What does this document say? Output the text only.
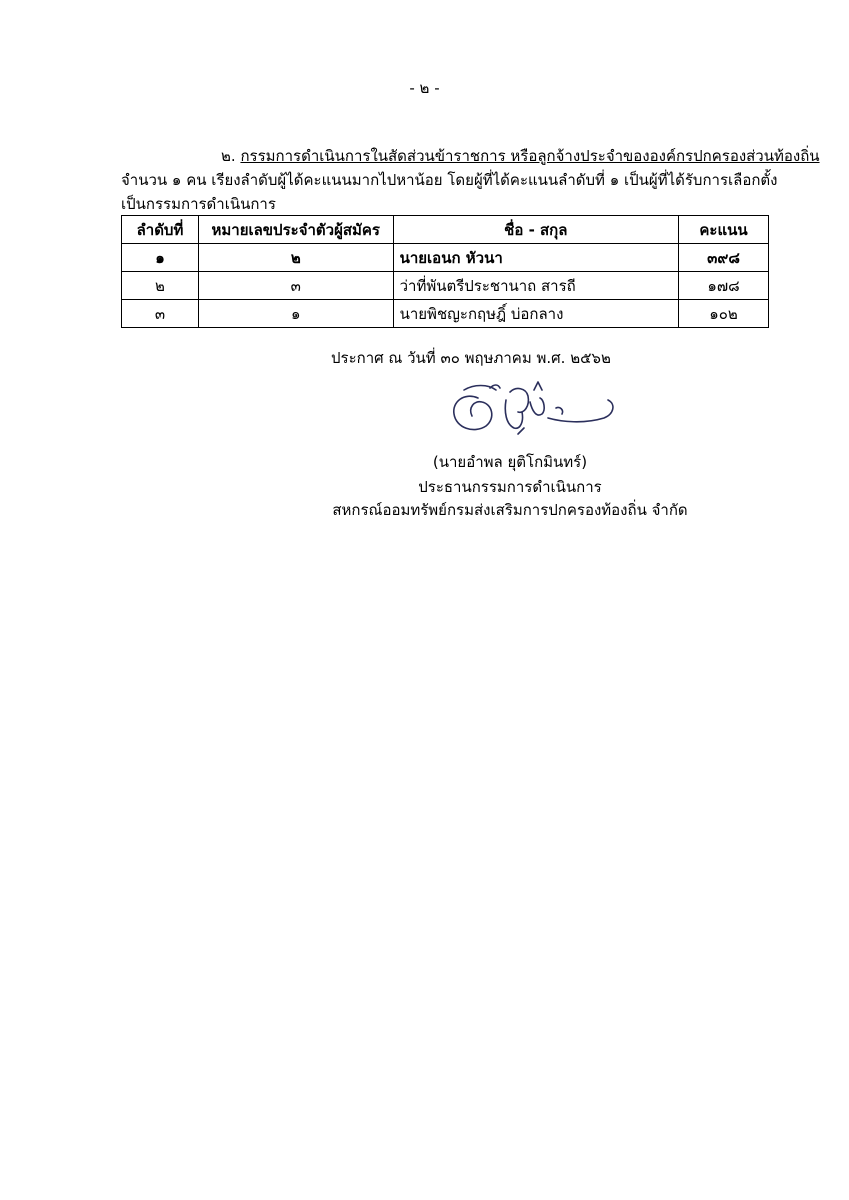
- ๒ -
๒. กรรมการดำเนินการในสัดส่วนข้าราชการ หรือลูกจ้างประจำขององค์กรปกครองส่วนท้องถิ่น
จำนวน ๑ คน เรียงลำดับผู้ได้คะแนนมากไปหาน้อย โดยผู้ที่ได้คะแนนลำดับที่ ๑ เป็นผู้ที่ได้รับการเลือกตั้ง
เป็นกรรมการดำเนินการ
ลำดับที่	หมายเลขประจำตัวผู้สมัคร	ชื่อ - สกุล	คะแนน
๑	๒	นายเอนก หัวนา	๓๙๘
๒	๓	ว่าที่พันตรีประชานาถ สารถี	๑๗๘
๓	๑	นายพิชญะกฤษฎิ์ บ่อกลาง	๑๐๒
ประกาศ ณ วันที่ ๓๐ พฤษภาคม พ.ศ. ๒๕๖๒
(นายอำพล ยุติโกมินทร์)
ประธานกรรมการดำเนินการ
สหกรณ์ออมทรัพย์กรมส่งเสริมการปกครองท้องถิ่น จำกัด
